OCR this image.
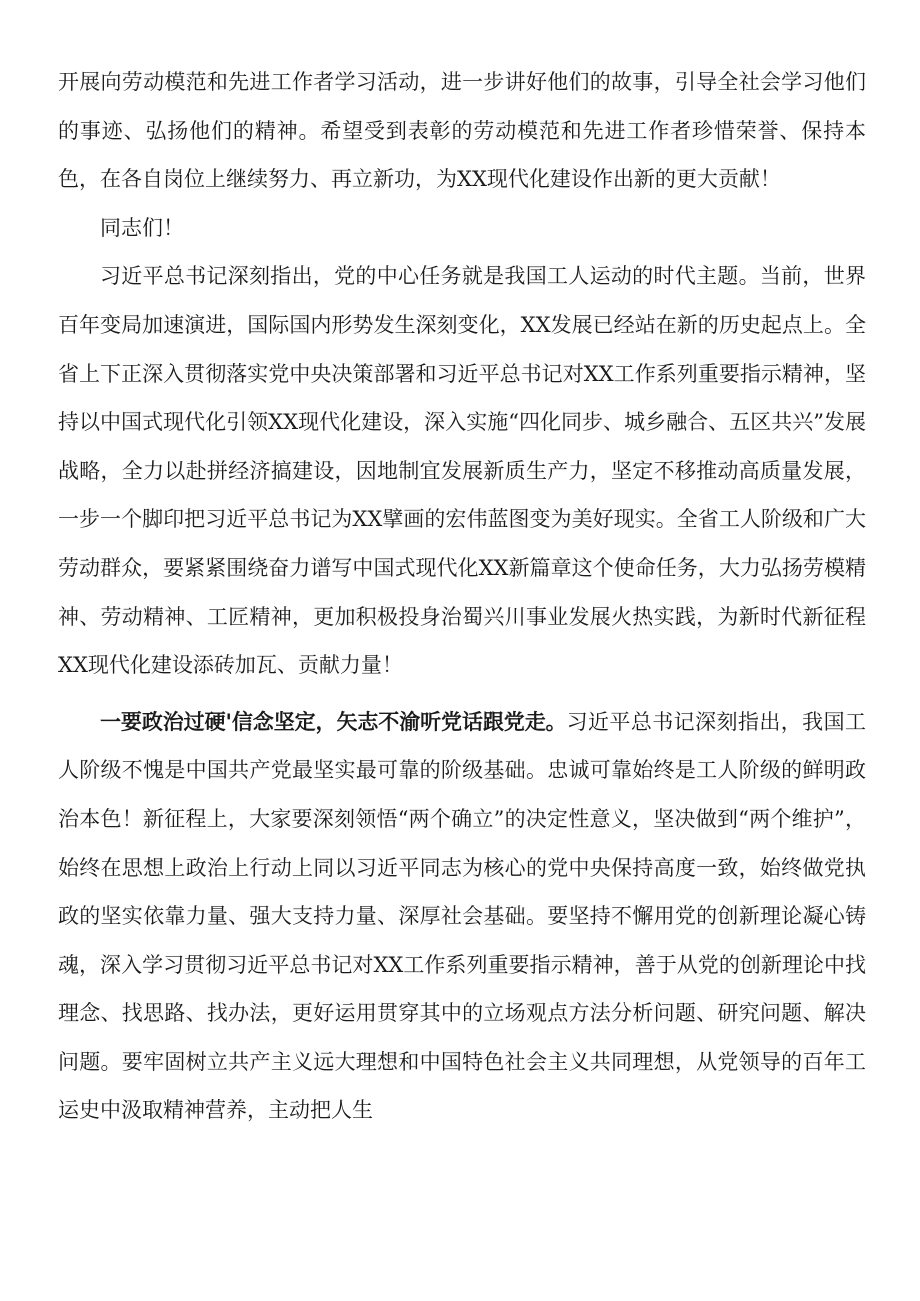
开展向劳动模范和先进工作者学习活动，进一步讲好他们的故事，引导全社会学习他们的事迹、弘扬他们的精神。希望受到表彰的劳动模范和先进工作者珍惜荣誉、保持本色，在各自岗位上继续努力、再立新功，为XX现代化建设作出新的更大贡献！

同志们！

习近平总书记深刻指出，党的中心任务就是我国工人运动的时代主题。当前，世界百年变局加速演进，国际国内形势发生深刻变化，XX发展已经站在新的历史起点上。全省上下正深入贯彻落实党中央决策部署和习近平总书记对XX工作系列重要指示精神，坚持以中国式现代化引领XX现代化建设，深入实施“四化同步、城乡融合、五区共兴”发展战略，全力以赴拼经济搞建设，因地制宜发展新质生产力，坚定不移推动高质量发展，一步一个脚印把习近平总书记为XX擘画的宏伟蓝图变为美好现实。全省工人阶级和广大劳动群众，要紧紧围绕奋力谱写中国式现代化XX新篇章这个使命任务，大力弘扬劳模精神、劳动精神、工匠精神，更加积极投身治蜀兴川事业发展火热实践，为新时代新征程XX现代化建设添砖加瓦、贡献力量！

一要政治过硬'信念坚定，矢志不渝听党话跟党走。习近平总书记深刻指出，我国工人阶级不愧是中国共产党最坚实最可靠的阶级基础。忠诚可靠始终是工人阶级的鲜明政治本色！新征程上，大家要深刻领悟“两个确立”的决定性意义，坚决做到“两个维护”，始终在思想上政治上行动上同以习近平同志为核心的党中央保持高度一致，始终做党执政的坚实依靠力量、强大支持力量、深厚社会基础。要坚持不懈用党的创新理论凝心铸魂，深入学习贯彻习近平总书记对XX工作系列重要指示精神，善于从党的创新理论中找理念、找思路、找办法，更好运用贯穿其中的立场观点方法分析问题、研究问题、解决问题。要牢固树立共产主义远大理想和中国特色社会主义共同理想，从党领导的百年工运史中汲取精神营养，主动把人生
